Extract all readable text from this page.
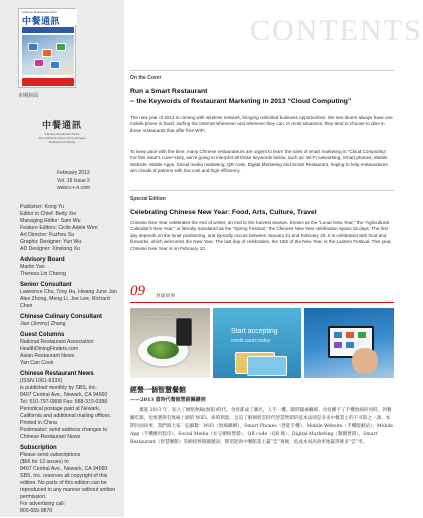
Chinese Restaurant News
中餐通訊
本期封面
中餐通訊
Chinese Restaurant News
The Authentic Voice of the Chinese Restaurant Industry
February 2013
Vol. 19 Issue 2
www.c-r-n.com
Publisher: Kong Yu
Editor in Chief: Betty Xie
Managing Editor: Sam Wu
Feature Editors: Cicile Adele Wen
Art Director: Fuzhou Su
Graphic Designer: Yun Wu
AD Designer: Xinxiong Xu
Advisory Board
Martin Yan
Theresa Lin Cherng
Senior Consultant
Lawrence Chu, Tony Hu, Hwang June Jan
Alex Zhong, Meng Li, Joe Lee, Richard Chen
Chinese Culinary Consultant
Jian (Jimmy) Zhang
Guest Columns
National Restaurant Association
HealthDiningFinders.com
Asian Restaurant News
Yan Can Cook
Chinese Restaurant News
(ISSN 1061-633X)
is published monthly by SBS, Inc.
8407 Central Ave., Newark, CA 94560
Tel: 510-797-0808 Fax: 688-315-0388
Periodical postage paid at Newark,
California and additional mailing offices.
Printed in China
Postmaster: send address changes to
Chinese Restaurant News
Subscription
Please send subscriptions
($66 for 12 issues) to
8407 Central Ave., Newark, CA 94560
SBS, Inc. reserves all copyright of this
edition. No parts of this edition can be
reproduced in any manner without written
permission.
For advertising call:
800-655-9870
CONTENTS
On the Cover
Run a Smart Restaurant
-- the Keywords of Restaurant Marketing in 2013 “Cloud Computing”
The new year of 2013 is coming with wireless network, bringing unlimited business opportunities. We see diners always have one mobile phone in hand, surfing the Internet whenever and wherever they can. In most situations, they tend to choose to dine in those restaurants that offer free WiFi.
To keep pace with the time, many Chinese restaurateurs are urgent to learn the rules of smart marketing in “Cloud Computing”. For this issue's cover story, we're going to interpret all those keywords below, such as: Wi-Fi networking, Smart phones, Mobile Website, Mobile Apps, Social media marketing, QR code, Digital Marketing and Smart Restaurant, hoping to help restaurateurs win clouds of patrons with low cost and high efficiency .
Special Edition
Celebrating Chinese New Year: Food, Arts, Culture, Travel
Chinese New Year celebrates the end of winter, an end to the harvest season. Known as the “Lunar New Year,” the “Agricultural Calendar's New Year,” or literally translated as the “Spring Festival,” the Chinese New Year celebration spans 15 days. The first day depends on the lunar positioning, and typically occurs between January 21 and February 20. It is celebrated with food and fireworks, which welcomes the New Year. The last day of celebration, the 15th of the New Year, is the Lantern Festival. This year, Chinese New Year is on February 10.
09 封面故事
Social Media Apps
Start accepting
credit cards today
經營一個智慧餐館
——2013 當時代餐館營銷關鍵詞
邁進 2013 年，迎入了網絡無線(無限)時代，食客都成了潮民，人手一機，隨時隨處聯網。食客離不了手機無線的同時，到餐廳吃飯，也要選擇有無線上網的 WiFi。與時俱進，急迫了解網絡雲時代智慧營銷的基本法則是多多中餐業主的不可缺之一課。本期封面故事，我們與大家一起細數：WiFi（無線聯網）、Smart Phones（智能手機）、Mobile Website（手機版網站）、Mobile App（手機應用程序）、Social Media（社交網絡營銷）、QR code（QR 碼）、Digital Marketing（數碼營銷）、Smart Restaurant（智慧餐館）等網絡營銷關鍵詞，期望能助中餐館業主贏“雲”萬廣，低成本而高效率地贏得眾多“雲”米。
